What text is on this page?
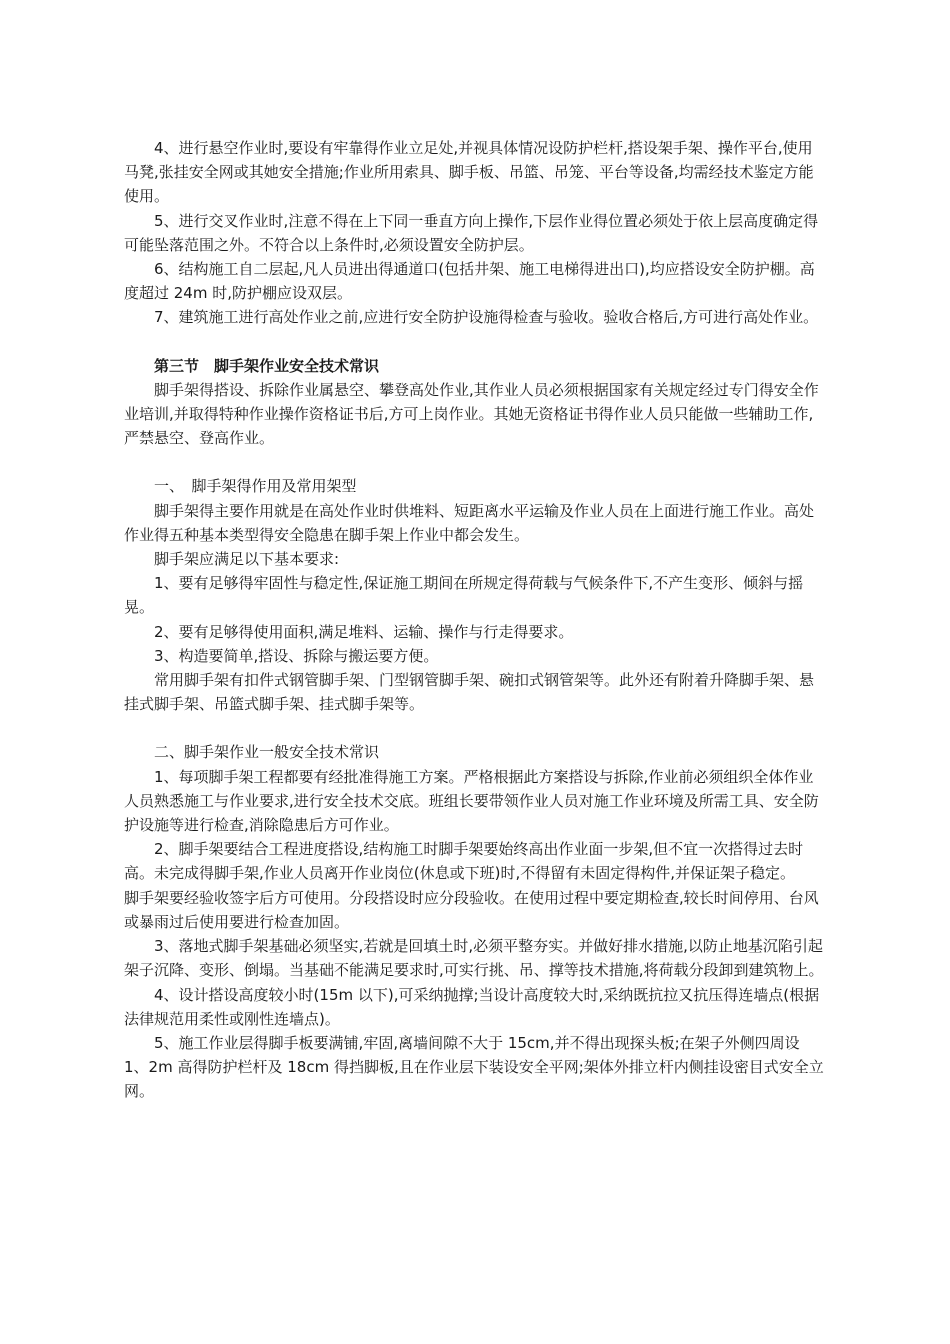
4、进行悬空作业时,要设有牢靠得作业立足处,并视具体情况设防护栏杆,搭设架手架、操作平台,使用马凳,张挂安全网或其她安全措施;作业所用索具、脚手板、吊篮、吊笼、平台等设备,均需经技术鉴定方能使用。

5、进行交叉作业时,注意不得在上下同一垂直方向上操作,下层作业得位置必须处于依上层高度确定得可能坠落范围之外。不符合以上条件时,必须设置安全防护层。

6、结构施工自二层起,凡人员进出得通道口(包括井架、施工电梯得进出口),均应搭设安全防护棚。高度超过 24m 时,防护棚应设双层。

7、建筑施工进行高处作业之前,应进行安全防护设施得检查与验收。验收合格后,方可进行高处作业。

第三节　脚手架作业安全技术常识

脚手架得搭设、拆除作业属悬空、攀登高处作业,其作业人员必须根据国家有关规定经过专门得安全作业培训,并取得特种作业操作资格证书后,方可上岗作业。其她无资格证书得作业人员只能做一些辅助工作,严禁悬空、登高作业。

一、　脚手架得作用及常用架型

脚手架得主要作用就是在高处作业时供堆料、短距离水平运输及作业人员在上面进行施工作业。高处作业得五种基本类型得安全隐患在脚手架上作业中都会发生。

脚手架应满足以下基本要求:

1、要有足够得牢固性与稳定性,保证施工期间在所规定得荷载与气候条件下,不产生变形、倾斜与摇晃。

2、要有足够得使用面积,满足堆料、运输、操作与行走得要求。

3、构造要简单,搭设、拆除与搬运要方便。

常用脚手架有扣件式钢管脚手架、门型钢管脚手架、碗扣式钢管架等。此外还有附着升降脚手架、悬挂式脚手架、吊篮式脚手架、挂式脚手架等。

二、脚手架作业一般安全技术常识

1、每项脚手架工程都要有经批准得施工方案。严格根据此方案搭设与拆除,作业前必须组织全体作业人员熟悉施工与作业要求,进行安全技术交底。班组长要带领作业人员对施工作业环境及所需工具、安全防护设施等进行检查,消除隐患后方可作业。

2、脚手架要结合工程进度搭设,结构施工时脚手架要始终高出作业面一步架,但不宜一次搭得过去时高。未完成得脚手架,作业人员离开作业岗位(休息或下班)时,不得留有未固定得构件,并保证架子稳定。

脚手架要经验收签字后方可使用。分段搭设时应分段验收。在使用过程中要定期检查,较长时间停用、台风或暴雨过后使用要进行检查加固。

3、落地式脚手架基础必须坚实,若就是回填土时,必须平整夯实。并做好排水措施,以防止地基沉陷引起架子沉降、变形、倒塌。当基础不能满足要求时,可实行挑、吊、撑等技术措施,将荷载分段卸到建筑物上。

4、设计搭设高度较小时(15m 以下),可采纳抛撑;当设计高度较大时,采纳既抗拉又抗压得连墙点(根据法律规范用柔性或刚性连墙点)。

5、施工作业层得脚手板要满铺,牢固,离墙间隙不大于 15cm,并不得出现探头板;在架子外侧四周设 1、2m 高得防护栏杆及 18cm 得挡脚板,且在作业层下装设安全平网;架体外排立杆内侧挂设密目式安全立网。
